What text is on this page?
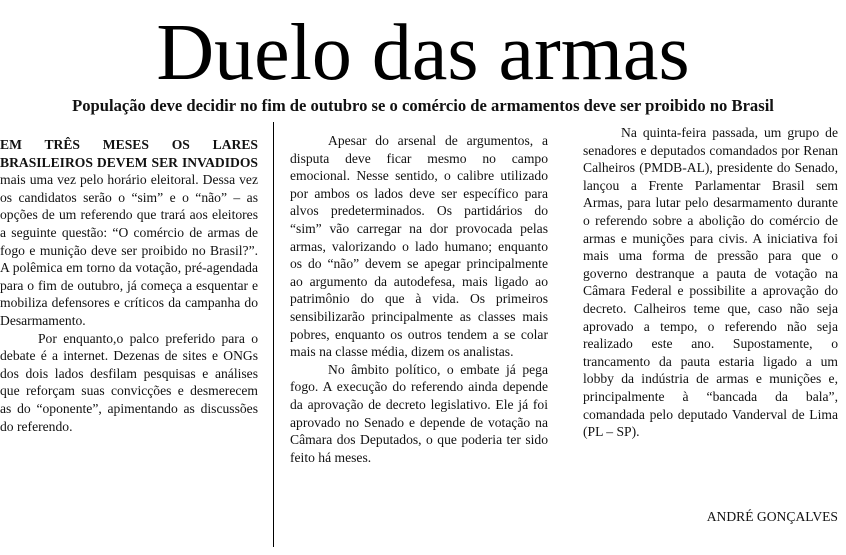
Duelo das armas

População deve decidir no fim de outubro se o comércio de armamentos deve ser proibido no Brasil

EM TRÊS MESES OS LARES BRASILEIROS DEVEM SER INVADIDOS mais uma vez pelo horário eleitoral. Dessa vez os candidatos serão o “sim” e o “não” – as opções de um referendo que trará aos eleitores a seguinte questão: “O comércio de armas de fogo e munição deve ser proibido no Brasil?”. A polêmica em torno da votação, pré-agendada para o fim de outubro, já começa a esquentar e mobiliza defensores e críticos da campanha do Desarmamento.

Por enquanto,o palco preferido para o debate é a internet. Dezenas de sites e ONGs dos dois lados desfilam pesquisas e análises que reforçam suas convicções e desmerecem as do “oponente”, apimentando as discussões do referendo.

Apesar do arsenal de argumentos, a disputa deve ficar mesmo no campo emocional. Nesse sentido, o calibre utilizado por ambos os lados deve ser específico para alvos predeterminados. Os partidários do “sim” vão carregar na dor provocada pelas armas, valorizando o lado humano; enquanto os do “não” devem se apegar principalmente ao argumento da autodefesa, mais ligado ao patrimônio do que à vida. Os primeiros sensibilizarão principalmente as classes mais pobres, enquanto os outros tendem a se colar mais na classe média, dizem os analistas.

No âmbito político, o embate já pega fogo. A execução do referendo ainda depende da aprovação de decreto legislativo. Ele já foi aprovado no Senado e depende de votação na Câmara dos Deputados, o que poderia ter sido feito há meses.

Na quinta-feira passada, um grupo de senadores e deputados comandados por Renan Calheiros (PMDB-AL), presidente do Senado, lançou a Frente Parlamentar Brasil sem Armas, para lutar pelo desarmamento durante o referendo sobre a abolição do comércio de armas e munições para civis. A iniciativa foi mais uma forma de pressão para que o governo destranque a pauta de votação na Câmara Federal e possibilite a aprovação do decreto. Calheiros teme que, caso não seja aprovado a tempo, o referendo não seja realizado este ano. Supostamente, o trancamento da pauta estaria ligado a um lobby da indústria de armas e munições e, principalmente à “bancada da bala”, comandada pelo deputado Vanderval de Lima (PL – SP).

ANDRÉ GONÇALVES
